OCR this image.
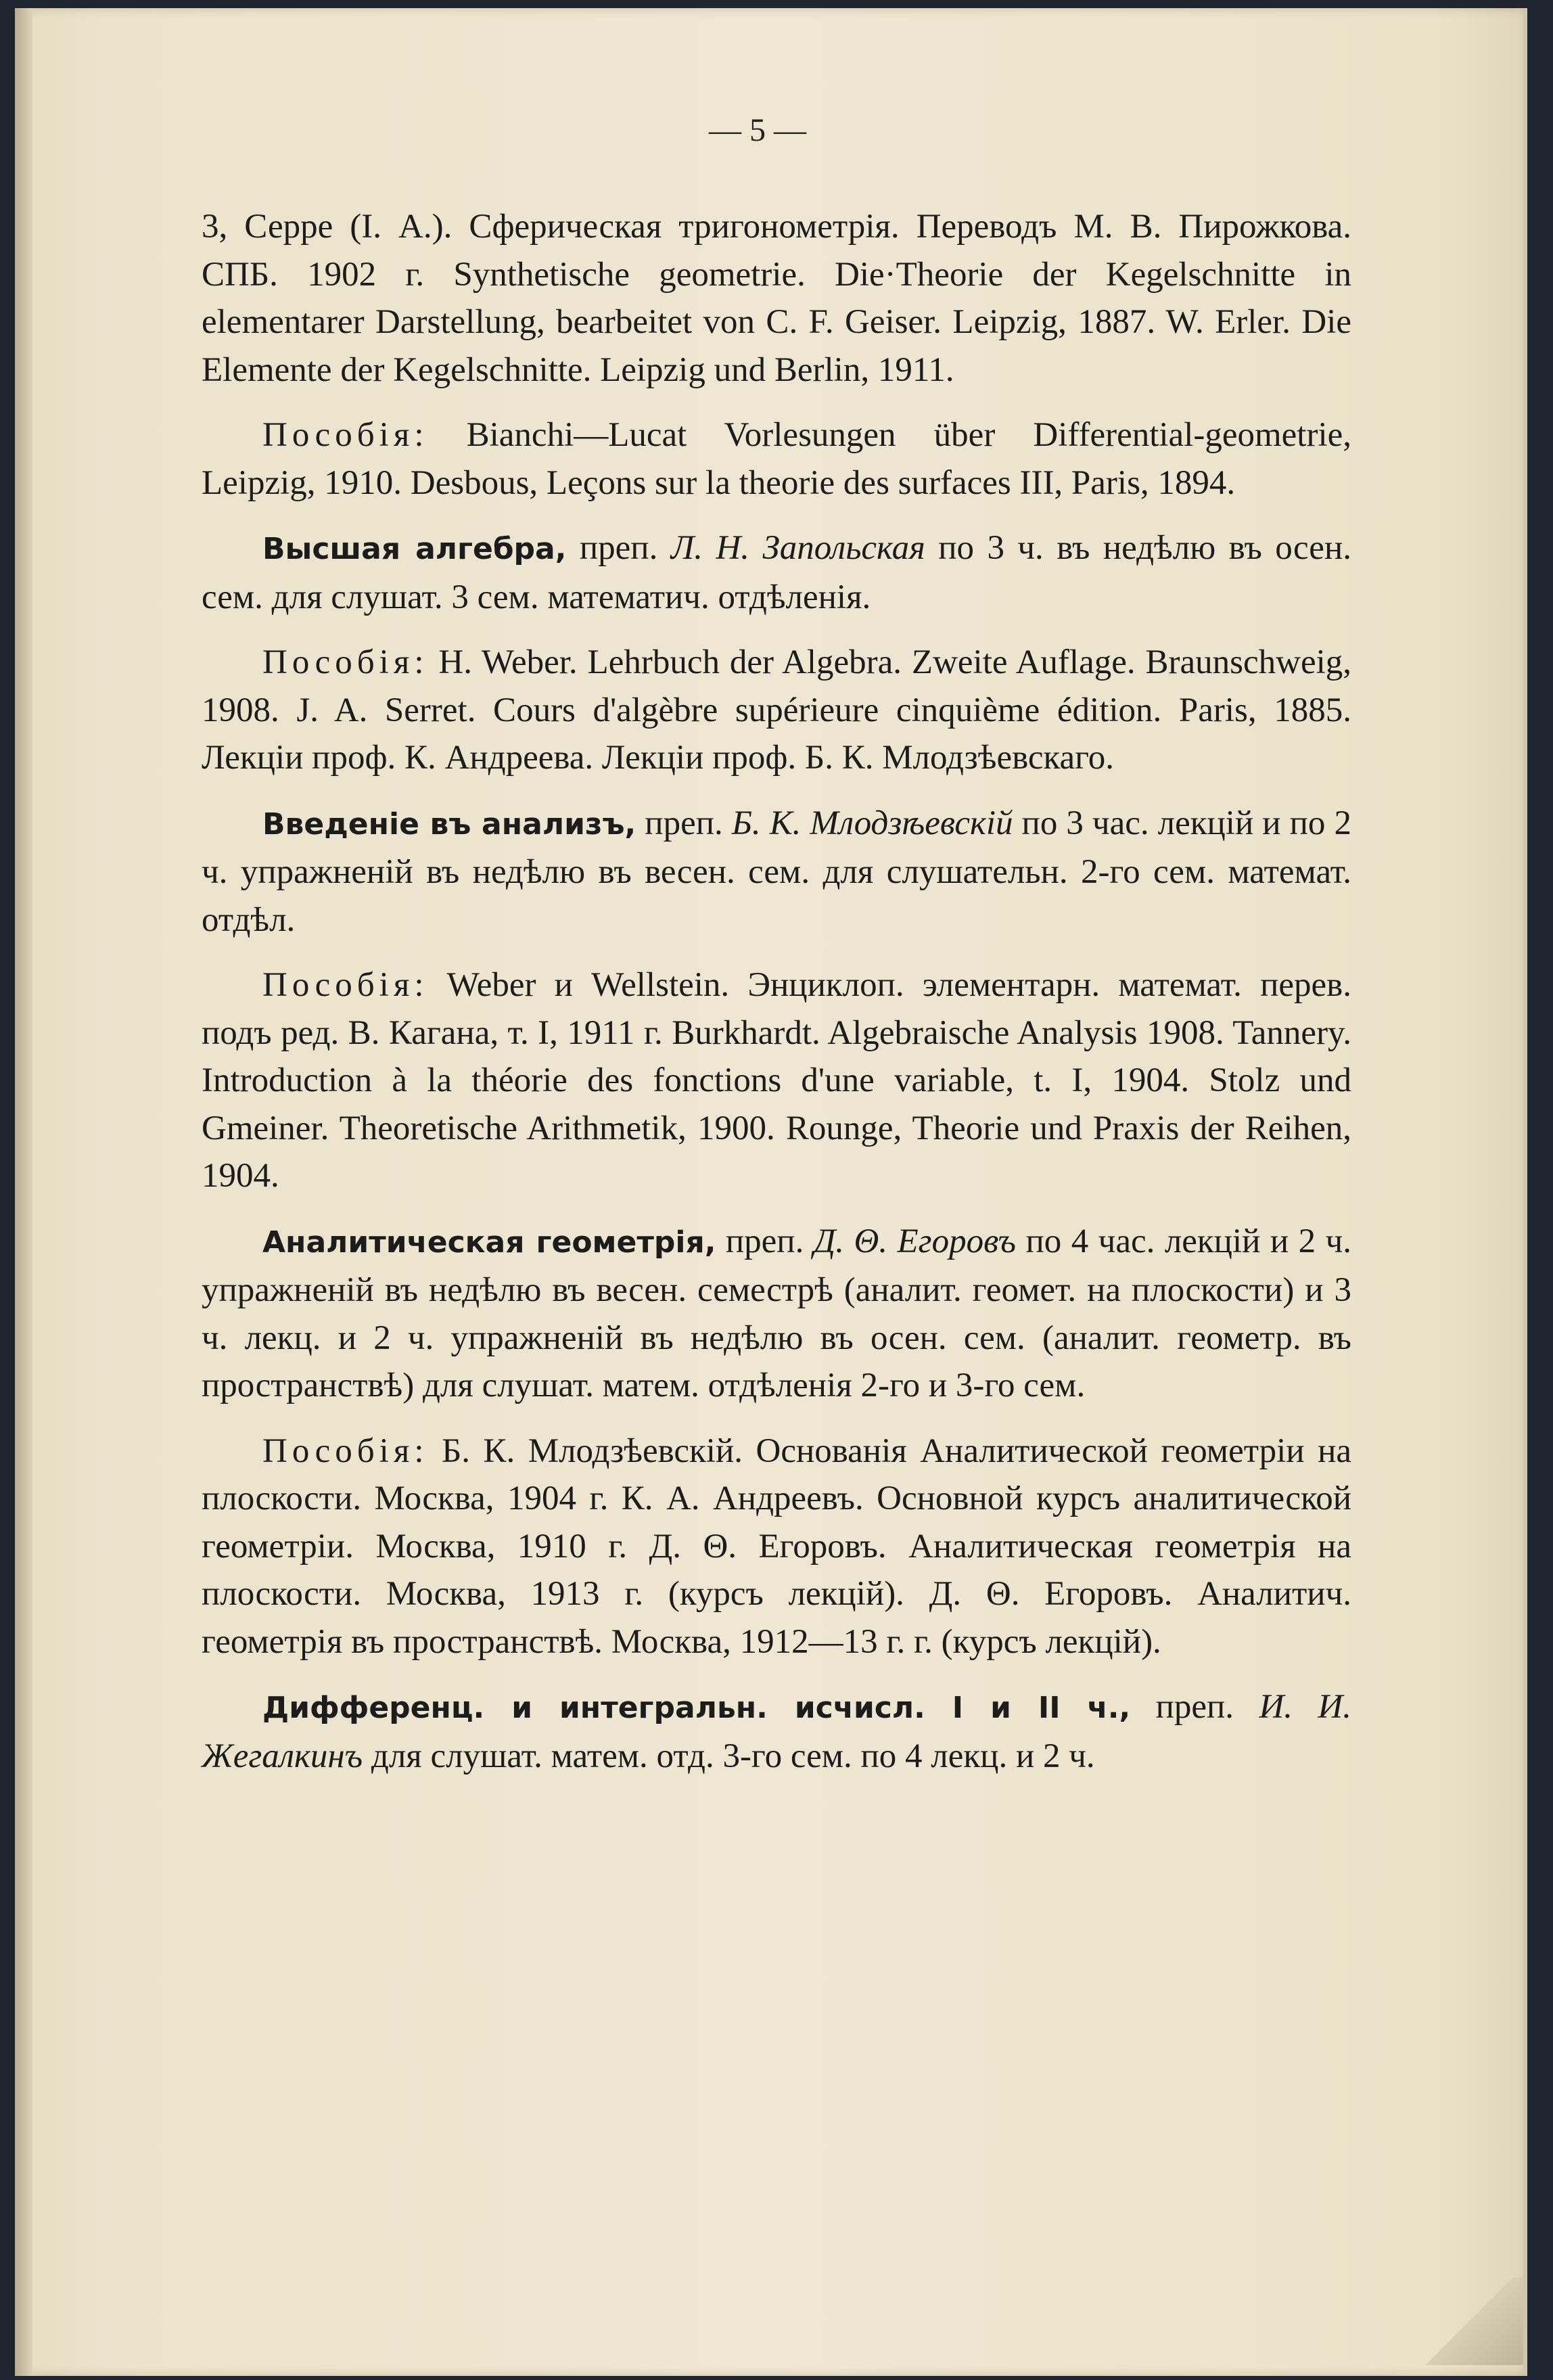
— 5 —

3, Серре (I. А.). Сферическая тригонометрія. Переводъ М. В. Пирожкова. СПБ. 1902 г. Synthetische geometrie. Die·Theorie der Kegelschnitte in elementarer Darstellung, bearbeitet von C. F. Geiser. Leipzig, 1887. W. Erler. Die Elemente der Kegelschnitte. Leipzig und Berlin, 1911.

Пособія: Bianchi—Lucat Vorlesungen über Differential-geometrie, Leipzig, 1910. Desbous, Leçons sur la theorie des surfaces III, Paris, 1894.

Высшая алгебра, преп. Л. Н. Запольская по 3 ч. въ недѣлю въ осен. сем. для слушат. 3 сем. математич. отдѣленія.

Пособія: H. Weber. Lehrbuch der Algebra. Zweite Auflage. Braunschweig, 1908. J. A. Serret. Cours d'algèbre supérieure cinquième édition. Paris, 1885. Лекціи проф. К. Андреева. Лекціи проф. Б. К. Млодзѣевскаго.

Введеніе въ анализъ, преп. Б. К. Млодзѣевскій по 3 час. лекцій и по 2 ч. упражненій въ недѣлю въ весен. сем. для слушательн. 2-го сем. математ. отдѣл.

Пособія: Weber и Wellstein. Энциклоп. элементарн. математ. перев. подъ ред. В. Кагана, т. I, 1911 г. Burkhardt. Algebraische Analysis 1908. Tannery. Introduction à la théorie des fonctions d'une variable, t. I, 1904. Stolz und Gmeiner. Theoretische Arithmetik, 1900. Rounge, Theorie und Praxis der Reihen, 1904.

Аналитическая геометрія, преп. Д. Θ. Егоровъ по 4 час. лекцій и 2 ч. упражненій въ недѣлю въ весен. семестрѣ (аналит. геомет. на плоскости) и 3 ч. лекц. и 2 ч. упражненій въ недѣлю въ осен. сем. (аналит. геометр. въ пространствѣ) для слушат. матем. отдѣленія 2-го и 3-го сем.

Пособія: Б. К. Млодзѣевскій. Основанія Аналитической геометріи на плоскости. Москва, 1904 г. К. А. Андреевъ. Основной курсъ аналитической геометріи. Москва, 1910 г. Д. Θ. Егоровъ. Аналитическая геометрія на плоскости. Москва, 1913 г. (курсъ лекцій). Д. Θ. Егоровъ. Аналитич. геометрія въ пространствѣ. Москва, 1912—13 г. г. (курсъ лекцій).

Дифференц. и интегральн. исчисл. I и II ч., преп. И. И. Жегалкинъ для слушат. матем. отд. 3-го сем. по 4 лекц. и 2 ч.
